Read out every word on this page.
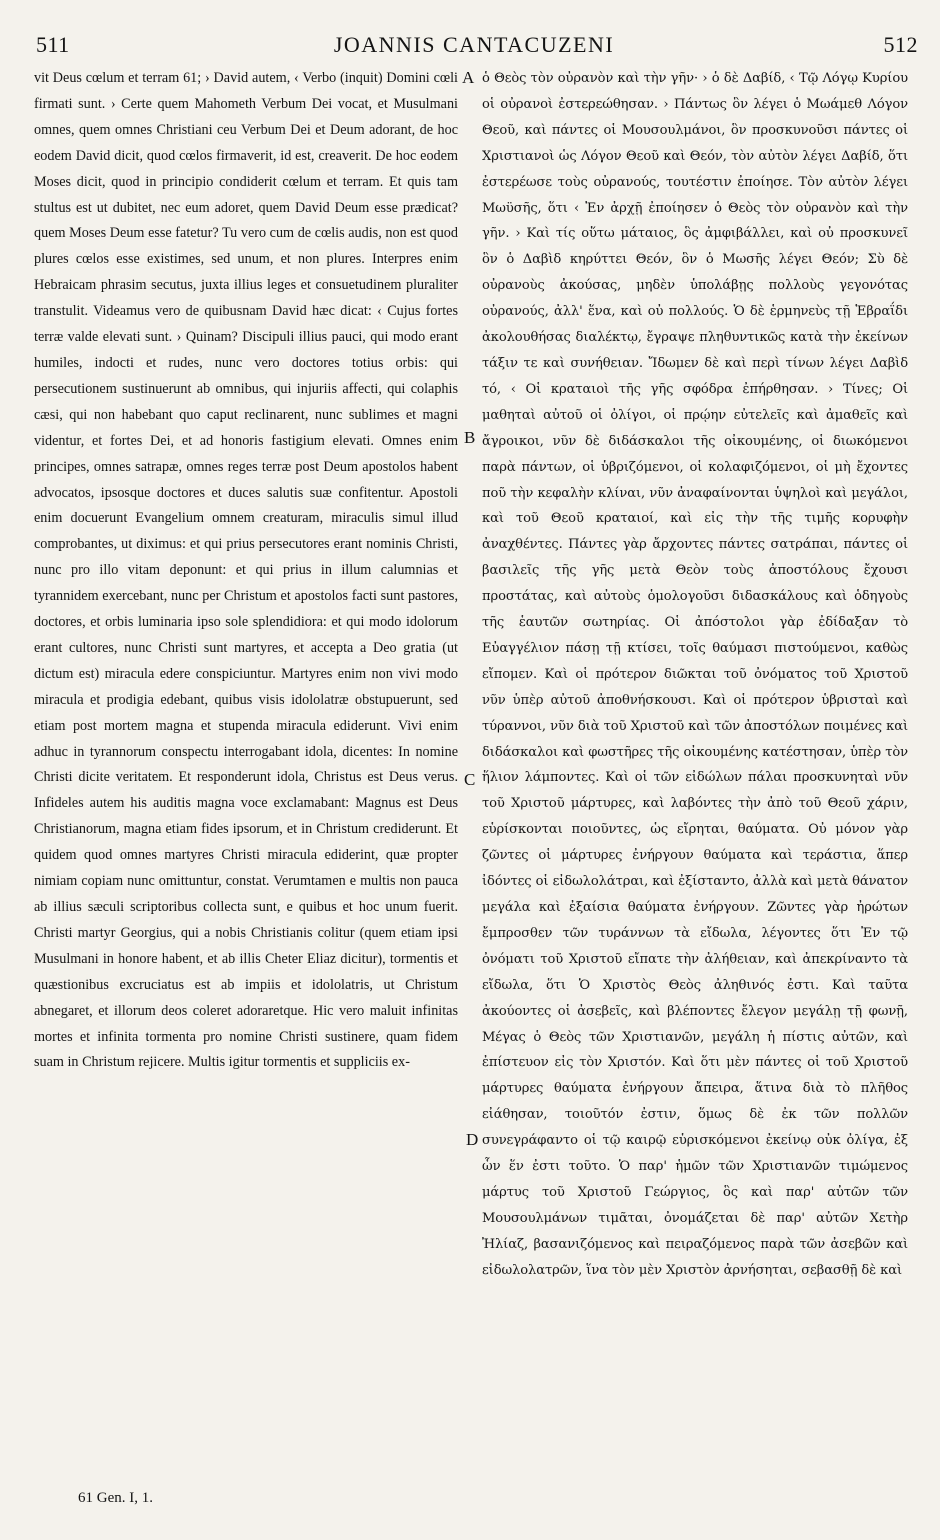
511	JOANNIS CANTACUZENI	512

vit Deus cœlum et terram 61; › David autem, ‹ Verbo (inquit) Domini cœli firmati sunt. › Certe quem Mahometh Verbum Dei vocat, et Musulmani omnes, quem omnes Christiani ceu Verbum Dei et Deum adorant, de hoc eodem David dicit, quod cœlos firmaverit, id est, creaverit. De hoc eodem Moses dicit, quod in principio condiderit cœlum et terram. Et quis tam stultus est ut dubitet, nec eum adoret, quem David Deum esse prædicat? quem Moses Deum esse fatetur? Tu vero cum de cœlis audis, non est quod plures cœlos esse existimes, sed unum, et non plures. Interpres enim Hebraicam phrasim secutus, juxta illius leges et consuetudinem pluraliter transtulit. Videamus vero de quibusnam David hæc dicat: ‹ Cujus fortes terræ valde elevati sunt. › Quinam? Discipuli illius pauci, qui modo erant humiles, indocti et rudes, nunc vero doctores totius orbis: qui persecutionem sustinuerunt ab omnibus, qui injuriis affecti, qui colaphis cæsi, qui non habebant quo caput reclinarent, nunc sublimes et magni videntur, et fortes Dei, et ad honoris fastigium elevati. Omnes enim principes, omnes satrapæ, omnes reges terræ post Deum apostolos habent advocatos, ipsosque doctores et duces salutis suæ confitentur. Apostoli enim docuerunt Evangelium omnem creaturam, miraculis simul illud comprobantes, ut diximus: et qui prius persecutores erant nominis Christi, nunc pro illo vitam deponunt: et qui prius in illum calumnias et tyrannidem exercebant, nunc per Christum et apostolos facti sunt pastores, doctores, et orbis luminaria ipso sole splendidiora: et qui modo idolorum erant cultores, nunc Christi sunt martyres, et accepta a Deo gratia (ut dictum est) miracula edere conspiciuntur. Martyres enim non vivi modo miracula et prodigia edebant, quibus visis idololatræ obstupuerunt, sed etiam post mortem magna et stupenda miracula ediderunt. Vivi enim adhuc in tyrannorum conspectu interrogabant idola, dicentes: In nomine Christi dicite veritatem. Et responderunt idola, Christus est Deus verus. Infideles autem his auditis magna voce exclamabant: Magnus est Deus Christianorum, magna etiam fides ipsorum, et in Christum crediderunt. Et quidem quod omnes martyres Christi miracula ediderint, quæ propter nimiam copiam nunc omittuntur, constat. Verumtamen e multis non pauca ab illius sæculi scriptoribus collecta sunt, e quibus et hoc unum fuerit. Christi martyr Georgius, qui a nobis Christianis colitur (quem etiam ipsi Musulmani in honore habent, et ab illis Cheter Eliaz dicitur), tormentis et quæstionibus excruciatus est ab impiis et idololatris, ut Christum abnegaret, et illorum deos coleret adoraretque. Hic vero maluit infinitas mortes et infinita tormenta pro nomine Christi sustinere, quam fidem suam in Christum rejicere. Multis igitur tormentis et suppliciis ex-

A
B
C
D

ὁ Θεὸς τὸν οὐρανὸν καὶ τὴν γῆν· › ὁ δὲ Δαβίδ, ‹ Τῷ Λόγῳ Κυρίου οἱ οὐρανοὶ ἐστερεώθησαν. › Πάντως ὃν λέγει ὁ Μωάμεθ Λόγον Θεοῦ, καὶ πάντες οἱ Μουσουλμάνοι, ὃν προσκυνοῦσι πάντες οἱ Χριστιανοὶ ὡς Λόγον Θεοῦ καὶ Θεόν, τὸν αὐτὸν λέγει Δαβίδ, ὅτι ἐστερέωσε τοὺς οὐρανούς, τουτέστιν ἐποίησε. Τὸν αὐτὸν λέγει Μωϋσῆς, ὅτι ‹ Ἐν ἀρχῇ ἐποίησεν ὁ Θεὸς τὸν οὐρανὸν καὶ τὴν γῆν. › Καὶ τίς οὕτω μάταιος, ὃς ἀμφιβάλλει, καὶ οὐ προσκυνεῖ ὃν ὁ Δαβὶδ κηρύττει Θεόν, ὃν ὁ Μωσῆς λέγει Θεόν; Σὺ δὲ οὐρανοὺς ἀκούσας, μηδὲν ὑπολάβῃς πολλοὺς γεγονότας οὐρανούς, ἀλλ' ἕνα, καὶ οὐ πολλούς. Ὁ δὲ ἑρμηνεὺς τῇ Ἑβραΐδι ἀκολουθήσας διαλέκτῳ, ἔγραψε πληθυντικῶς κατὰ τὴν ἐκείνων τάξιν τε καὶ συνήθειαν. Ἴδωμεν δὲ καὶ περὶ τίνων λέγει Δαβὶδ τό, ‹ Οἱ κραταιοὶ τῆς γῆς σφόδρα ἐπήρθησαν. › Τίνες; Οἱ μαθηταὶ αὐτοῦ οἱ ὀλίγοι, οἱ πρῴην εὐτελεῖς καὶ ἀμαθεῖς καὶ ἄγροικοι, νῦν δὲ διδάσκαλοι τῆς οἰκουμένης, οἱ διωκόμενοι παρὰ πάντων, οἱ ὑβριζόμενοι, οἱ κολαφιζόμενοι, οἱ μὴ ἔχοντες ποῦ τὴν κεφαλὴν κλίναι, νῦν ἀναφαίνονται ὑψηλοὶ καὶ μεγάλοι, καὶ τοῦ Θεοῦ κραταιοί, καὶ εἰς τὴν τῆς τιμῆς κορυφὴν ἀναχθέντες. Πάντες γὰρ ἄρχοντες πάντες σατράπαι, πάντες οἱ βασιλεῖς τῆς γῆς μετὰ Θεὸν τοὺς ἀποστόλους ἔχουσι προστάτας, καὶ αὐτοὺς ὁμολογοῦσι διδασκάλους καὶ ὁδηγοὺς τῆς ἑαυτῶν σωτηρίας. Οἱ ἀπόστολοι γὰρ ἐδίδαξαν τὸ Εὐαγγέλιον πάσῃ τῇ κτίσει, τοῖς θαύμασι πιστούμενοι, καθὼς εἴπομεν. Καὶ οἱ πρότερον διῶκται τοῦ ὀνόματος τοῦ Χριστοῦ νῦν ὑπὲρ αὐτοῦ ἀποθνήσκουσι. Καὶ οἱ πρότερον ὑβρισταὶ καὶ τύραννοι, νῦν διὰ τοῦ Χριστοῦ καὶ τῶν ἀποστόλων ποιμένες καὶ διδάσκαλοι καὶ φωστῆρες τῆς οἰκουμένης κατέστησαν, ὑπὲρ τὸν ἥλιον λάμποντες. Καὶ οἱ τῶν εἰδώλων πάλαι προσκυνηταὶ νῦν τοῦ Χριστοῦ μάρτυρες, καὶ λαβόντες τὴν ἀπὸ τοῦ Θεοῦ χάριν, εὑρίσκονται ποιοῦντες, ὡς εἴρηται, θαύματα. Οὐ μόνον γὰρ ζῶντες οἱ μάρτυρες ἐνήργουν θαύματα καὶ τεράστια, ἅπερ ἰδόντες οἱ εἰδωλολάτραι, καὶ ἐξίσταντο, ἀλλὰ καὶ μετὰ θάνατον μεγάλα καὶ ἐξαίσια θαύματα ἐνήργουν. Ζῶντες γὰρ ἠρώτων ἔμπροσθεν τῶν τυράννων τὰ εἴδωλα, λέγοντες ὅτι Ἐν τῷ ὀνόματι τοῦ Χριστοῦ εἴπατε τὴν ἀλήθειαν, καὶ ἀπεκρίναντο τὰ εἴδωλα, ὅτι Ὁ Χριστὸς Θεὸς ἀληθινός ἐστι. Καὶ ταῦτα ἀκούοντες οἱ ἀσεβεῖς, καὶ βλέποντες ἔλεγον μεγάλῃ τῇ φωνῇ, Μέγας ὁ Θεὸς τῶν Χριστιανῶν, μεγάλη ἡ πίστις αὐτῶν, καὶ ἐπίστευον εἰς τὸν Χριστόν. Καὶ ὅτι μὲν πάντες οἱ τοῦ Χριστοῦ μάρτυρες θαύματα ἐνήργουν ἄπειρα, ἅτινα διὰ τὸ πλῆθος εἰάθησαν, τοιοῦτόν ἐστιν, ὅμως δὲ ἐκ τῶν πολλῶν συνεγράφαντο οἱ τῷ καιρῷ εὑρισκόμενοι ἐκείνῳ οὐκ ὀλίγα, ἐξ ὧν ἕν ἐστι τοῦτο. Ὁ παρ' ἡμῶν τῶν Χριστιανῶν τιμώμενος μάρτυς τοῦ Χριστοῦ Γεώργιος, ὃς καὶ παρ' αὐτῶν τῶν Μουσουλμάνων τιμᾶται, ὀνομάζεται δὲ παρ' αὐτῶν Χετὴρ Ἠλίαζ, βασανιζόμενος καὶ πειραζόμενος παρὰ τῶν ἀσεβῶν καὶ εἰδωλολατρῶν, ἵνα τὸν μὲν Χριστὸν ἀρνήσηται, σεβασθῇ δὲ καὶ

61 Gen. I, 1.
